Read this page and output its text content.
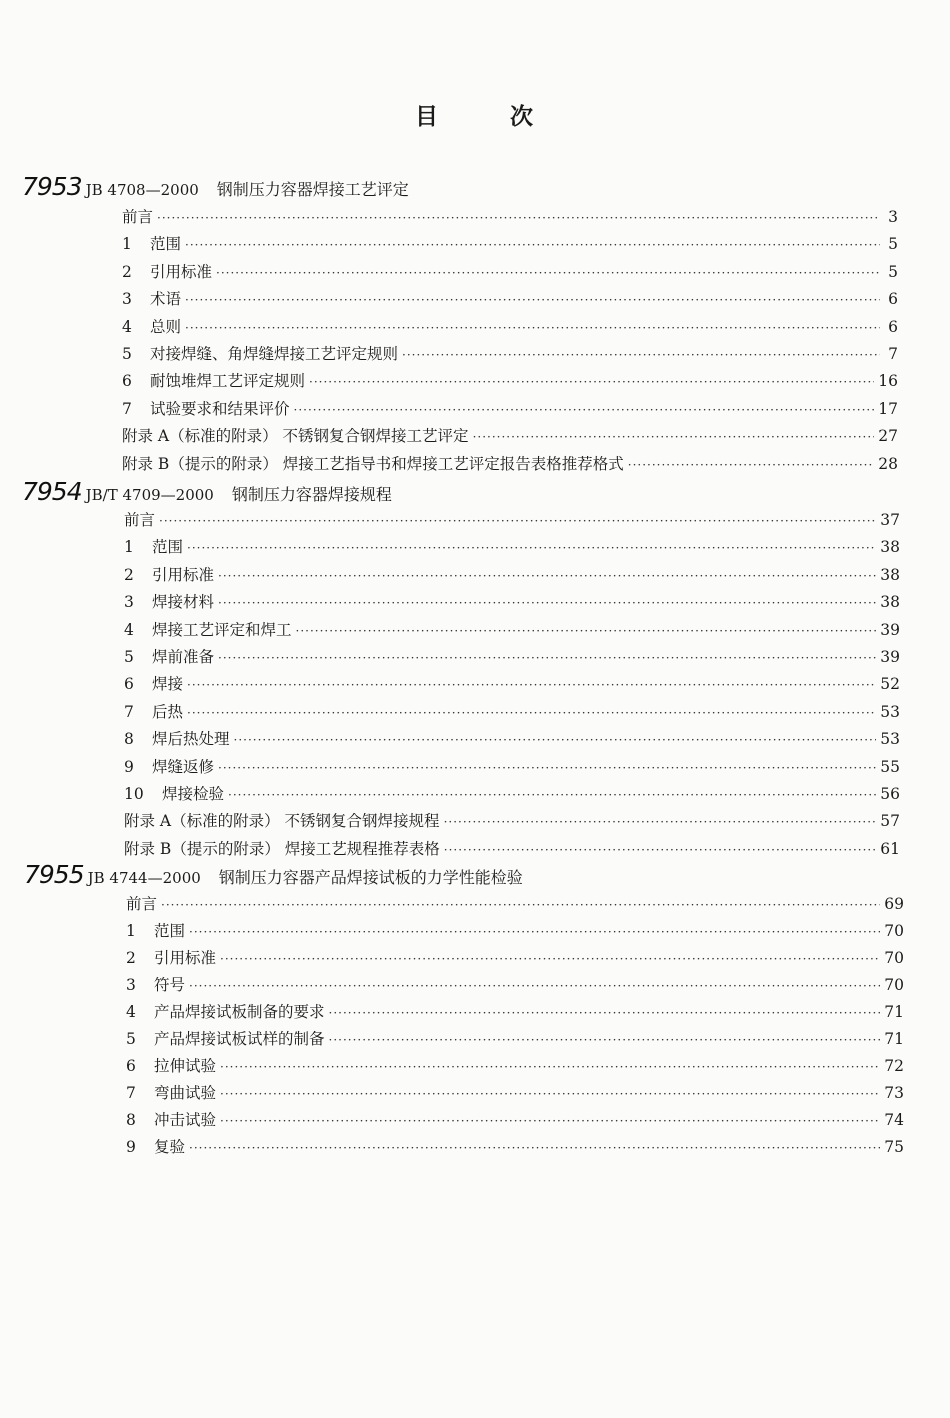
目	次
7953 JB 4708—2000 钢制压力容器焊接工艺评定
前言 ·····	3
1	范围 ·····	5
2	引用标准 ·····	5
3	术语 ·····	6
4	总则 ·····	6
5	对接焊缝、角焊缝焊接工艺评定规则 ·····	7
6	耐蚀堆焊工艺评定规则 ·····	16
7	试验要求和结果评价 ·····	17
附录 A（标准的附录） 不锈钢复合钢焊接工艺评定 ·····	27
附录 B（提示的附录） 焊接工艺指导书和焊接工艺评定报告表格推荐格式 ·····	28
7954 JB/T 4709—2000 钢制压力容器焊接规程
前言 ·····	37
1	范围 ·····	38
2	引用标准 ·····	38
3	焊接材料 ·····	38
4	焊接工艺评定和焊工 ·····	39
5	焊前准备 ·····	39
6	焊接 ·····	52
7	后热 ·····	53
8	焊后热处理 ·····	53
9	焊缝返修 ·····	55
10	焊接检验 ·····	56
附录 A（标准的附录） 不锈钢复合钢焊接规程 ·····	57
附录 B（提示的附录） 焊接工艺规程推荐表格 ·····	61
7955 JB 4744—2000 钢制压力容器产品焊接试板的力学性能检验
前言 ·····	69
1	范围 ·····	70
2	引用标准 ·····	70
3	符号 ·····	70
4	产品焊接试板制备的要求 ·····	71
5	产品焊接试板试样的制备 ·····	71
6	拉伸试验 ·····	72
7	弯曲试验 ·····	73
8	冲击试验 ·····	74
9	复验 ·····	75
